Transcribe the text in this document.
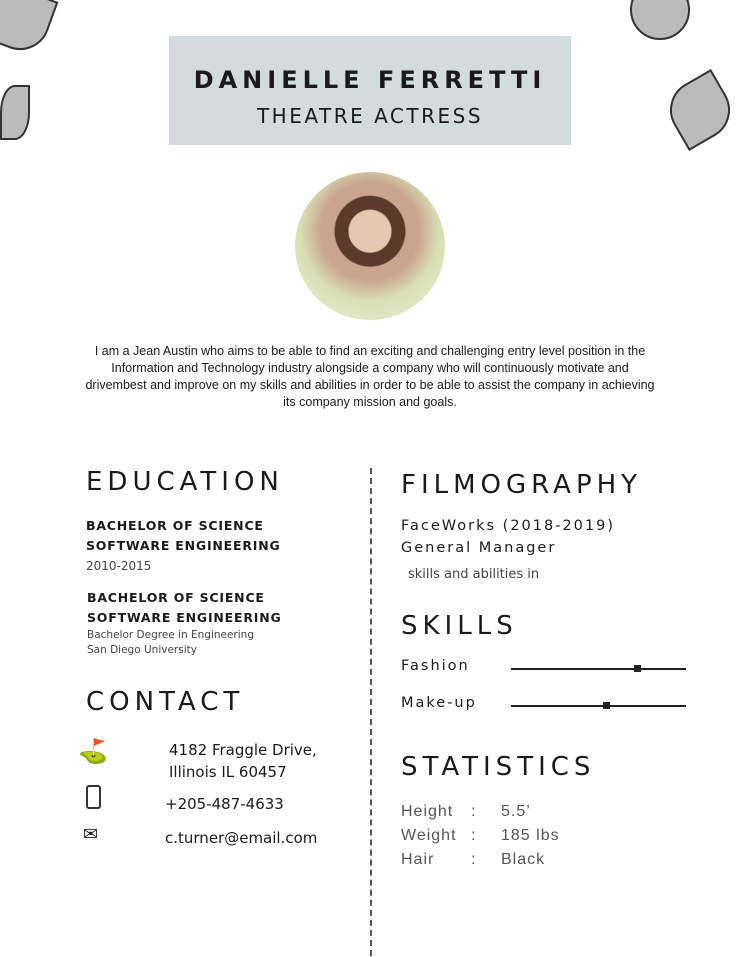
DANIELLE FERRETTI
THEATRE ACTRESS
I am a Jean Austin who aims to be able to find an exciting and challenging entry level position in the Information and Technology industry alongside a company who will continuously motivate and drivembest and improve on my skills and abilities in order to be able to assist the company in achieving its company mission and goals.
EDUCATION
BACHELOR OF SCIENCE
SOFTWARE ENGINEERING
2010-2015
BACHELOR OF SCIENCE
SOFTWARE ENGINEERING
Bachelor Degree in Engineering
San Diego University
CONTACT
⛳	4182 Fraggle Drive,
Illinois IL 60457
+205-487-4633
✉	c.turner@email.com
FILMOGRAPHY
FaceWorks (2018-2019)
General Manager
skills and abilities in
SKILLS
Fashion
Make-up
STATISTICS
Height : 5.5’
Weight : 185 lbs
Hair : Black
